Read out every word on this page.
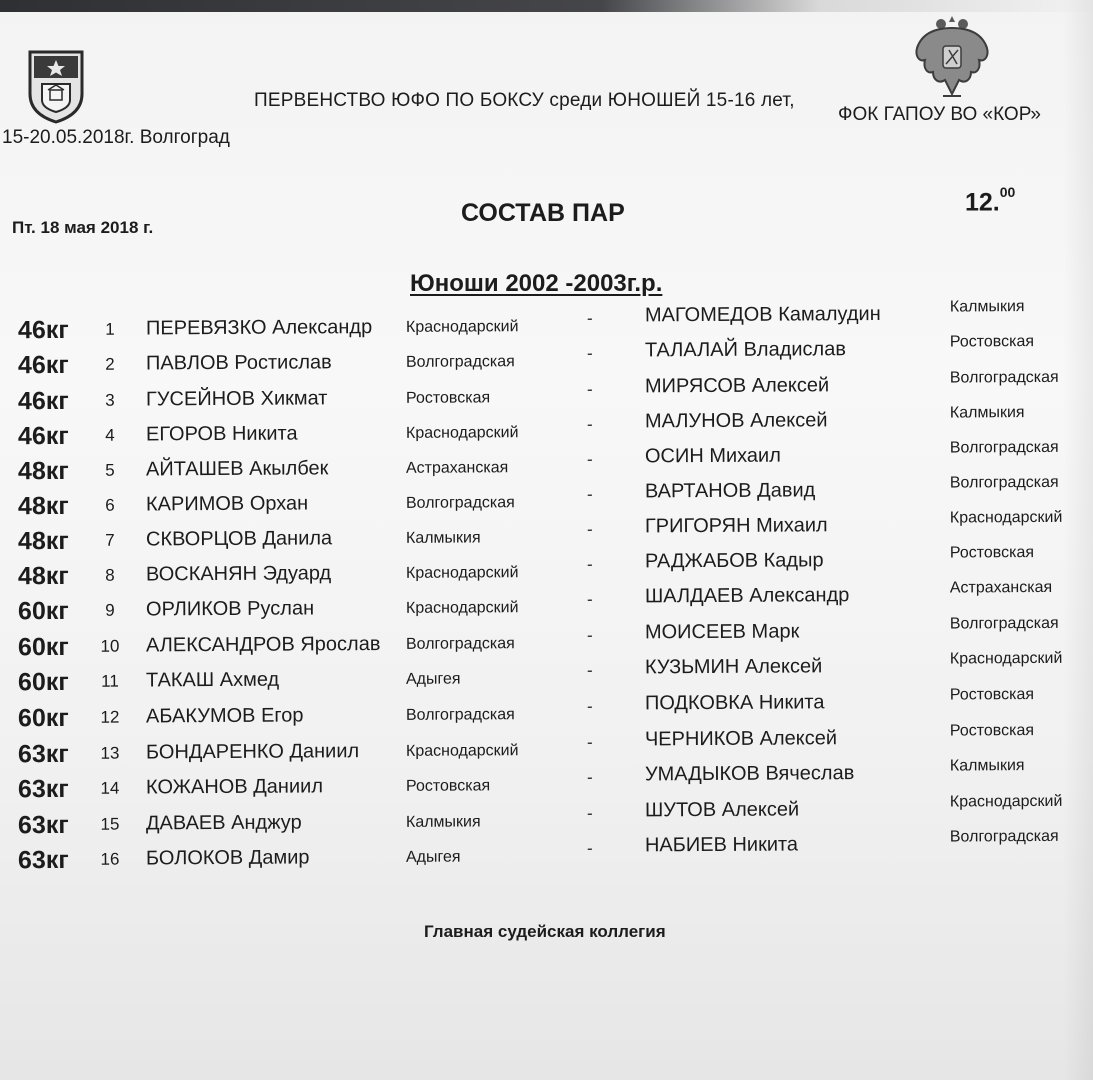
ПЕРВЕНСТВО ЮФО ПО БОКСУ среди ЮНОШЕЙ 15-16 лет,
ФОК ГАПОУ ВО «КОР»
15-20.05.2018г. Волгоград
Пт. 18 мая 2018 г.
СОСТАВ ПАР	12.00
Юноши 2002 -2003г.р.
46кг	1	ПЕРЕВЯЗКО Александр Краснодарский	-	МАГОМЕДОВ Камалудин	Калмыкия
46кг	2	ПАВЛОВ Ростислав	Волгоградская	-	ТАЛАЛАЙ Владислав	Ростовская
46кг	3	ГУСЕЙНОВ Хикмат	Ростовская	-	МИРЯСОВ Алексей	Волгоградская
46кг	4	ЕГОРОВ Никита	Краснодарский	-	МАЛУНОВ Алексей	Калмыкия
48кг	5	АЙТАШЕВ Акылбек	Астраханская	-	ОСИН Михаил	Волгоградская
48кг	6	КАРИМОВ Орхан	Волгоградская	-	ВАРТАНОВ Давид	Волгоградская
48кг	7	СКВОРЦОВ Данила	Калмыкия	-	ГРИГОРЯН Михаил	Краснодарский
48кг	8	ВОСКАНЯН Эдуард	Краснодарский	-	РАДЖАБОВ Кадыр	Ростовская
60кг	9	ОРЛИКОВ Руслан	Краснодарский	-	ШАЛДАЕВ Александр	Астраханская
60кг 10 АЛЕКСАНДРОВ Ярослав Волгоградская	-	МОИСЕЕВ Марк	Волгоградская
60кг	11 ТАКАШ Ахмед	Адыгея	-	КУЗЬМИН Алексей	Краснодарский
60кг 12 АБАКУМОВ Егор	Волгоградская	-	ПОДКОВКА Никита	Ростовская
63кг 13 БОНДАРЕНКО Даниил	Краснодарский	-	ЧЕРНИКОВ Алексей	Ростовская
63кг 14 КОЖАНОВ Даниил	Ростовская	-	УМАДЫКОВ Вячеслав	Калмыкия
63кг 15 ДАВАЕВ Анджур	Калмыкия	-	ШУТОВ Алексей	Краснодарский
63кг 16 БОЛОКОВ Дамир	Адыгея	-	НАБИЕВ Никита	Волгоградская
Главная судейская коллегия
